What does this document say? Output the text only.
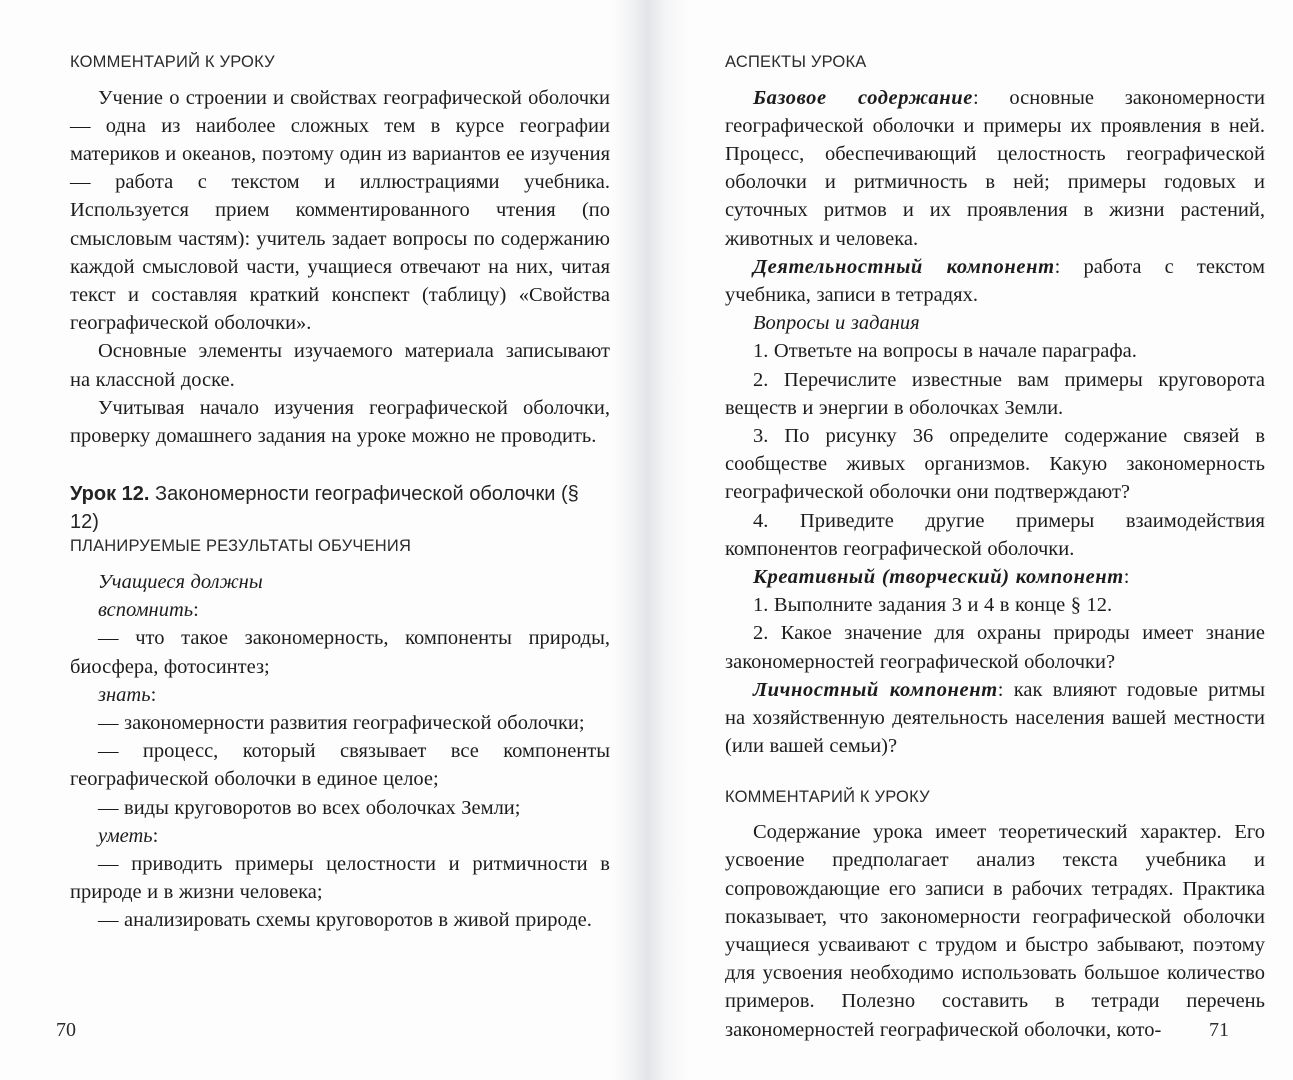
КОММЕНТАРИЙ К УРОКУ

Учение о строении и свойствах географической оболочки — одна из наиболее сложных тем в курсе географии материков и океанов, поэтому один из вариантов ее изучения — работа с текстом и иллюстрациями учебника. Используется прием комментированного чтения (по смысловым частям): учитель задает вопросы по содержанию каждой смысловой части, учащиеся отвечают на них, читая текст и составляя краткий конспект (таблицу) «Свойства географической оболочки».

Основные элементы изучаемого материала записывают на классной доске.

Учитывая начало изучения географической оболочки, проверку домашнего задания на уроке можно не проводить.

Урок 12. Закономерности географической оболочки (§ 12)
ПЛАНИРУЕМЫЕ РЕЗУЛЬТАТЫ ОБУЧЕНИЯ

Учащиеся должны

вспомнить:

— что такое закономерность, компоненты природы, биосфера, фотосинтез;

знать:

— закономерности развития географической оболочки;

— процесс, который связывает все компоненты географической оболочки в единое целое;

— виды круговоротов во всех оболочках Земли;

уметь:

— приводить примеры целостности и ритмичности в природе и в жизни человека;

— анализировать схемы круговоротов в живой природе.

70
АСПЕКТЫ УРОКА

Базовое содержание: основные закономерности географической оболочки и примеры их проявления в ней. Процесс, обеспечивающий целостность географической оболочки и ритмичность в ней; примеры годовых и суточных ритмов и их проявления в жизни растений, животных и человека.

Деятельностный компонент: работа с текстом учебника, записи в тетрадях.

Вопросы и задания

1. Ответьте на вопросы в начале параграфа.

2. Перечислите известные вам примеры круговорота веществ и энергии в оболочках Земли.

3. По рисунку 36 определите содержание связей в сообществе живых организмов. Какую закономерность географической оболочки они подтверждают?

4. Приведите другие примеры взаимодействия компонентов географической оболочки.

Креативный (творческий) компонент:

1. Выполните задания 3 и 4 в конце § 12.

2. Какое значение для охраны природы имеет знание закономерностей географической оболочки?

Личностный компонент: как влияют годовые ритмы на хозяйственную деятельность населения вашей местности (или вашей семьи)?

КОММЕНТАРИЙ К УРОКУ

Содержание урока имеет теоретический характер. Его усвоение предполагает анализ текста учебника и сопровождающие его записи в рабочих тетрадях. Практика показывает, что закономерности географической оболочки учащиеся усваивают с трудом и быстро забывают, поэтому для усвоения необходимо использовать большое количество примеров. Полезно составить в тетради перечень закономерностей географической оболочки, кото-	71
